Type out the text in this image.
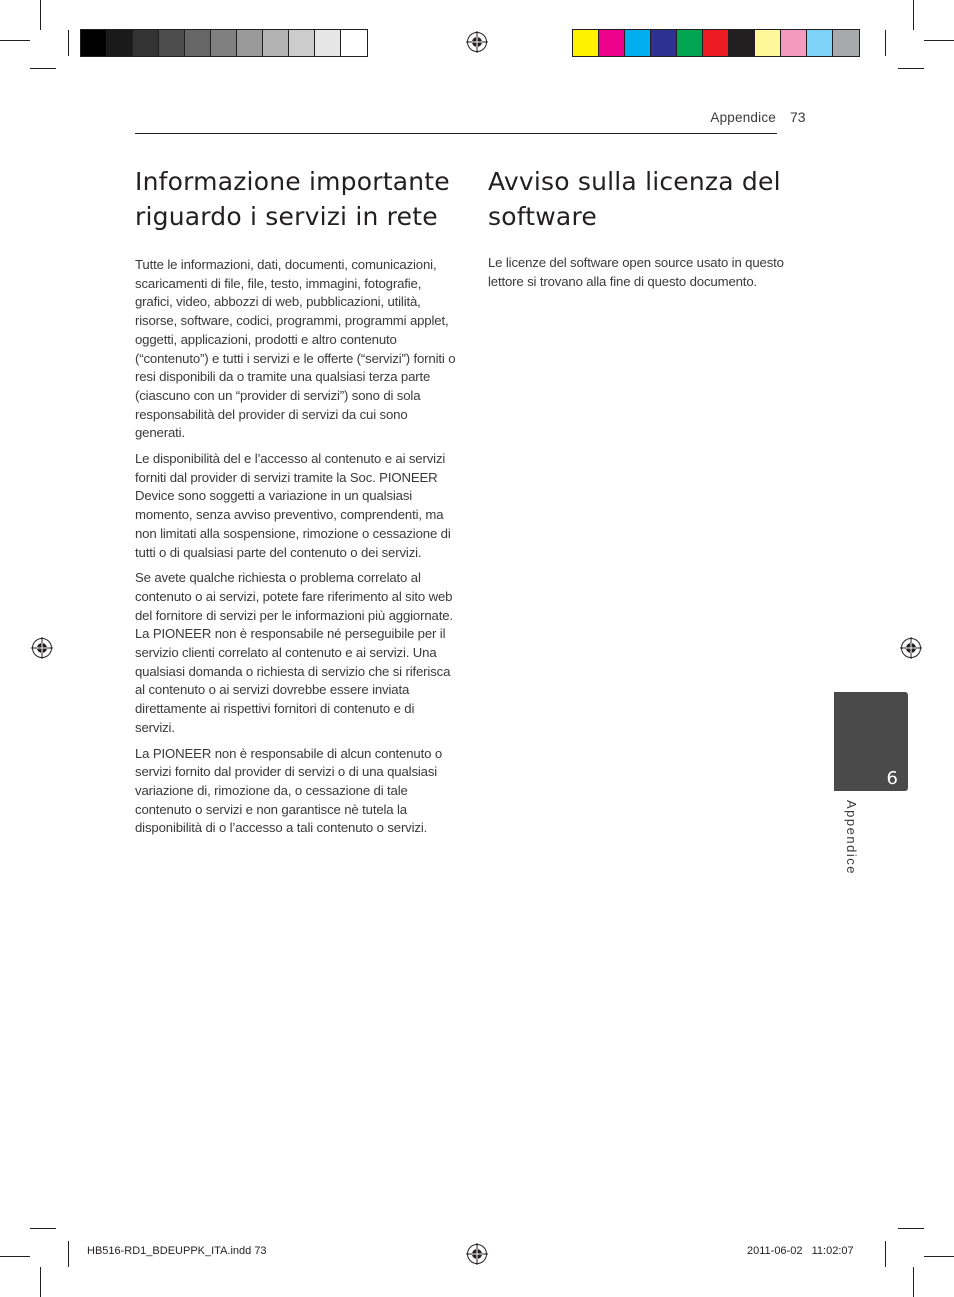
Appendice 73
Informazione importante riguardo i servizi in rete

Tutte le informazioni, dati, documenti, comunicazioni, scaricamenti di file, file, testo, immagini, fotografie, grafici, video, abbozzi di web, pubblicazioni, utilità, risorse, software, codici, programmi, programmi applet, oggetti, applicazioni, prodotti e altro contenuto (“contenuto”) e tutti i servizi e le offerte (“servizi”) forniti o resi disponibili da o tramite una qualsiasi terza parte (ciascuno con un “provider di servizi”) sono di sola responsabilità del provider di servizi da cui sono generati.

Le disponibilità del e l’accesso al contenuto e ai servizi forniti dal provider di servizi tramite la Soc. PIONEER Device sono soggetti a variazione in un qualsiasi momento, senza avviso preventivo, comprendenti, ma non limitati alla sospensione, rimozione o cessazione di tutti o di qualsiasi parte del contenuto o dei servizi.

Se avete qualche richiesta o problema correlato al contenuto o ai servizi, potete fare riferimento al sito web del fornitore di servizi per le informazioni più aggiornate. La PIONEER non è responsabile né perseguibile per il servizio clienti correlato al contenuto e ai servizi. Una qualsiasi domanda o richiesta di servizio che si riferisca al contenuto o ai servizi dovrebbe essere inviata direttamente ai rispettivi fornitori di contenuto e di servizi.

La PIONEER non è responsabile di alcun contenuto o servizi fornito dal provider di servizi o di una qualsiasi variazione di, rimozione da, o cessazione di tale contenuto o servizi e non garantisce nè tutela la disponibilità di o l’accesso a tali contenuto o servizi.

Avviso sulla licenza del software

Le licenze del software open source usato in questo lettore si trovano alla fine di questo documento.

6
Appendice
HB516-RD1_BDEUPPK_ITA.indd 73	2011-06-02   11:02:07
